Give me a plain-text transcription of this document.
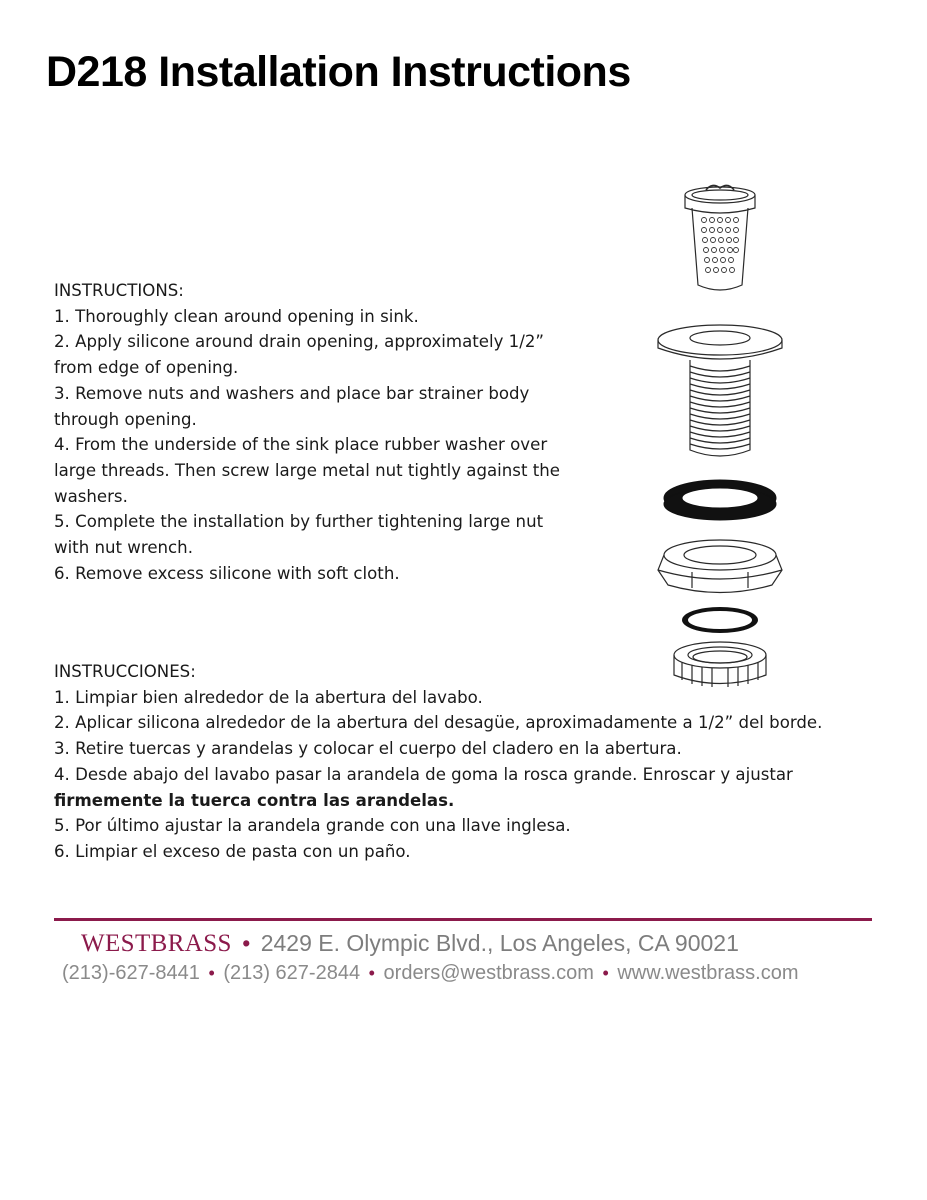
D218 Installation Instructions

INSTRUCTIONS:

1. Thoroughly clean around opening in sink.

2. Apply silicone around drain opening, approximately 1/2”

from edge of opening.

3. Remove nuts and washers and place bar strainer body

through opening.

4. From the underside of the sink place rubber washer over

large threads. Then screw large metal nut tightly against the

washers.

5. Complete the installation by further tightening large nut

with nut wrench.

6. Remove excess silicone with soft cloth.

INSTRUCCIONES:

1. Limpiar bien alrededor de la abertura del lavabo.

2. Aplicar silicona alrededor de la abertura del desagüe, aproximadamente a 1/2” del borde.

3. Retire tuercas y arandelas y colocar el cuerpo del cladero en la abertura.

4. Desde abajo del lavabo pasar la arandela de goma la rosca grande. Enroscar y ajustar

firmemente la tuerca contra las arandelas.

5. Por último ajustar la arandela grande con una llave inglesa.

6. Limpiar el exceso de pasta con un paño.

WESTBRASS • 2429 E. Olympic Blvd., Los Angeles, CA 90021
(213)-627-8441 • (213) 627-2844 • orders@westbrass.com • www.westbrass.com
